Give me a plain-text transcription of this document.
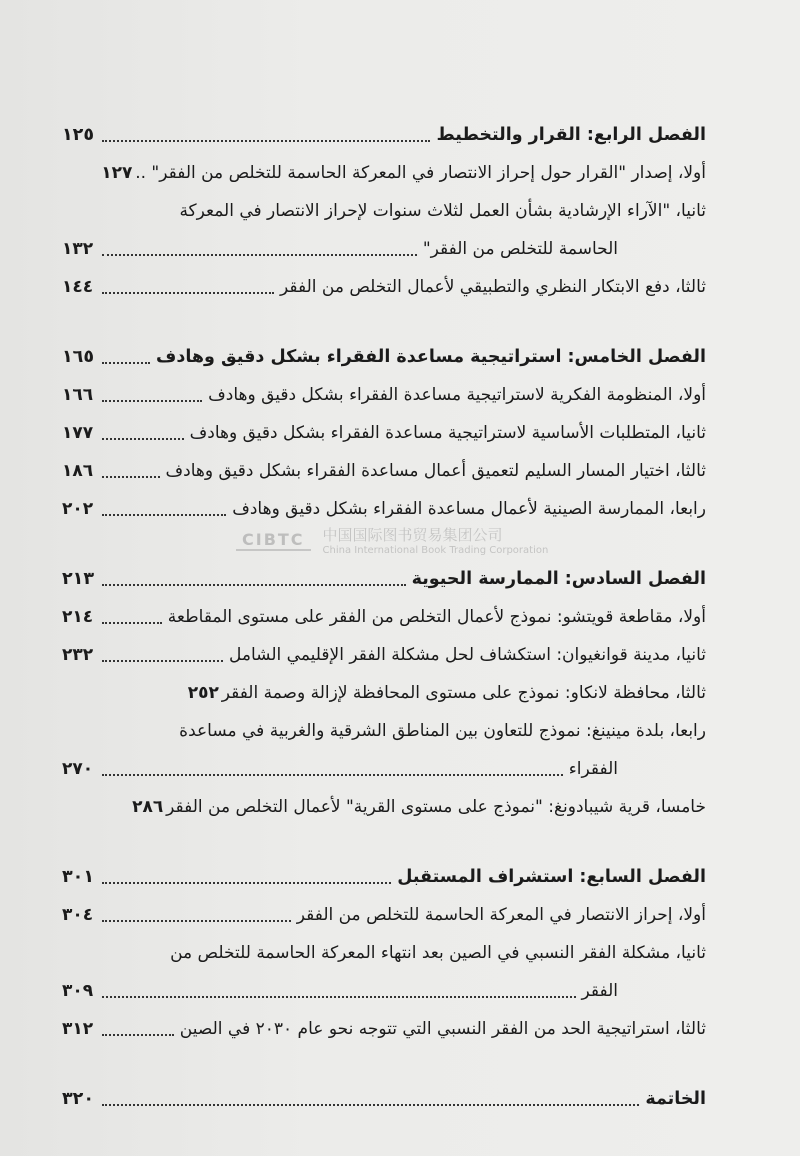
الفصل الرابع: القرار والتخطيط
١٢٥
أولا، إصدار "القرار حول إحراز الانتصار في المعركة الحاسمة للتخلص من الفقر" ..
١٢٧
ثانيا، "الآراء الإرشادية بشأن العمل لثلاث سنوات لإحراز الانتصار في المعركة
الحاسمة للتخلص من الفقر"
١٣٢
ثالثا، دفع الابتكار النظري والتطبيقي لأعمال التخلص من الفقر
١٤٤
الفصل الخامس: استراتيجية مساعدة الفقراء بشكل دقيق وهادف
١٦٥
أولا، المنظومة الفكرية لاستراتيجية مساعدة الفقراء بشكل دقيق وهادف
١٦٦
ثانيا، المتطلبات الأساسية لاستراتيجية مساعدة الفقراء بشكل دقيق وهادف
١٧٧
ثالثا، اختيار المسار السليم لتعميق أعمال مساعدة الفقراء بشكل دقيق وهادف
١٨٦
رابعا، الممارسة الصينية لأعمال مساعدة الفقراء بشكل دقيق وهادف
٢٠٢
الفصل السادس: الممارسة الحيوية
٢١٣
أولا، مقاطعة قويتشو: نموذج لأعمال التخلص من الفقر على مستوى المقاطعة
٢١٤
ثانيا، مدينة قوانغيوان: استكشاف لحل مشكلة الفقر الإقليمي الشامل
٢٣٢
ثالثا، محافظة لانكاو: نموذج على مستوى المحافظة لإزالة وصمة الفقر
٢٥٢
رابعا، بلدة مينينغ: نموذج للتعاون بين المناطق الشرقية والغربية في مساعدة
الفقراء
٢٧٠
خامسا، قرية شيبادونغ: "نموذج على مستوى القرية" لأعمال التخلص من الفقر
٢٨٦
الفصل السابع: استشراف المستقبل
٣٠١
أولا، إحراز الانتصار في المعركة الحاسمة للتخلص من الفقر
٣٠٤
ثانيا، مشكلة الفقر النسبي في الصين بعد انتهاء المعركة الحاسمة للتخلص من
الفقر
٣٠٩
ثالثا، استراتيجية الحد من الفقر النسبي التي تتوجه نحو عام ٢٠٣٠ في الصين
٣١٢
الخاتمة
٣٢٠
CIBTC	中国国际图书贸易集团公司
China International Book Trading Corporation
